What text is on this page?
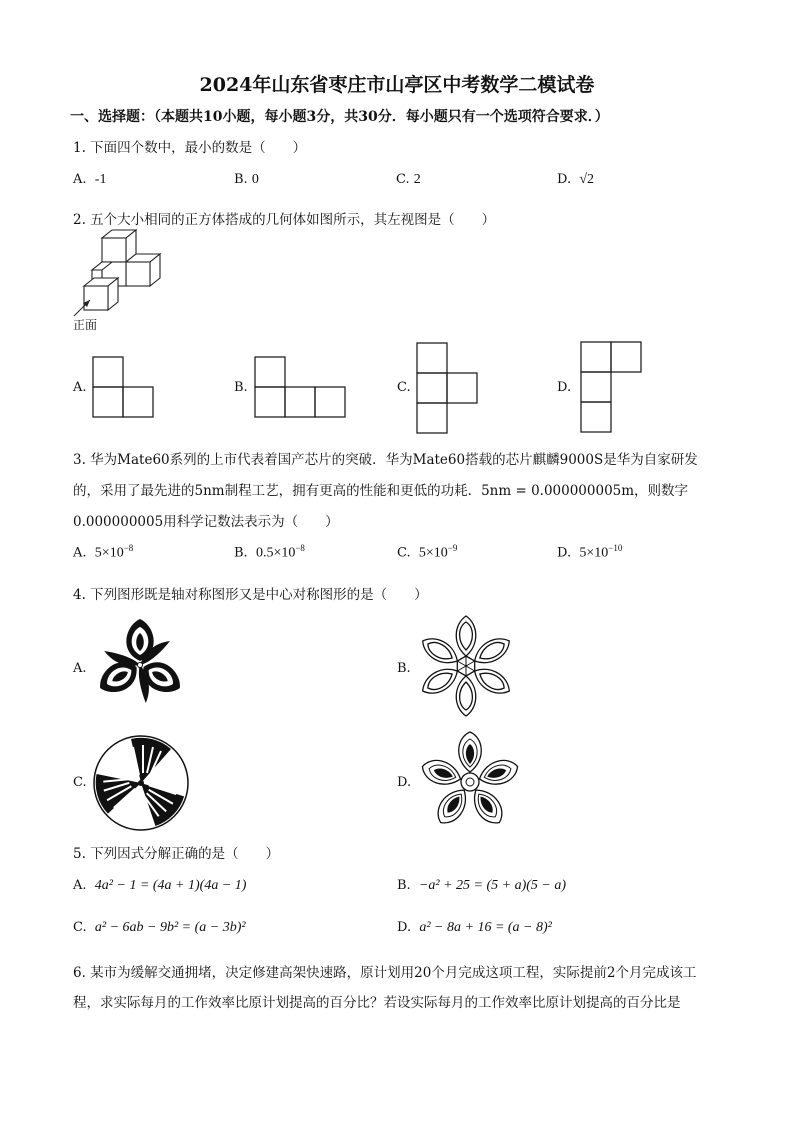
2024年山东省枣庄市山亭区中考数学二模试卷
一、选择题：（本题共10小题，每小题3分，共30分．每小题只有一个选项符合要求．）
1. 下面四个数中，最小的数是（　　）
A. -1	B. 0	C. 2	D. √2
2. 五个大小相同的正方体搭成的几何体如图所示，其左视图是（　　）
正面
A.	B.	C.	D.
3. 华为Mate60系列的上市代表着国产芯片的突破．华为Mate60搭载的芯片麒麟9000S是华为自家研发
的，采用了最先进的5nm制程工艺，拥有更高的性能和更低的功耗．5nm = 0.000000005m，则数字
0.000000005用科学记数法表示为（　　）
A. $5\times 10^{-8}$	B. $0.5\times 10^{-8}$	C. $5\times 10^{-9}$	D. $5\times 10^{-10}$
4. 下列图形既是轴对称图形又是中心对称图形的是（　　）
A.	B.
C.	D.
5. 下列因式分解正确的是（　　）
A. 4a² − 1 = (4a + 1)(4a − 1)	B. −a² + 25 = (5 + a)(5 − a)
C. a² − 6ab − 9b² = (a − 3b)²	D. a² − 8a + 16 = (a − 8)²
6. 某市为缓解交通拥堵，决定修建高架快速路，原计划用20个月完成这项工程，实际提前2个月完成该工
程，求实际每月的工作效率比原计划提高的百分比？若设实际每月的工作效率比原计划提高的百分比是
